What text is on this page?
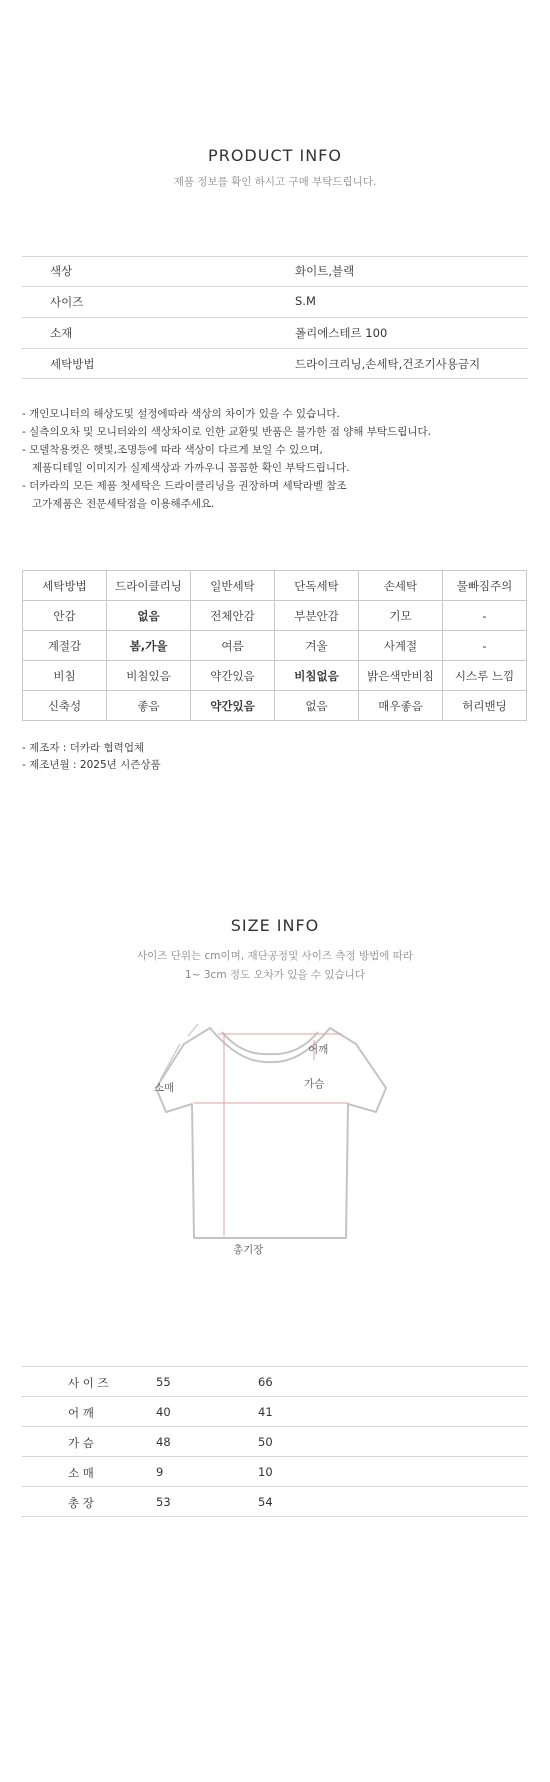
PRODUCT INFO
제품 정보를 확인 하시고 구매 부탁드립니다.
색상	화이트,블랙
사이즈	S.M
소재	폴리에스테르 100
세탁방법	드라이크리닝,손세탁,건조기사용금지
- 개인모니터의 해상도및 설정에따라 색상의 차이가 있을 수 있습니다.
- 실측의오차 및 모니터와의 색상차이로 인한 교환및 반품은 불가한 점 양해 부탁드립니다.
- 모델착용컷은 햇빛,조명등에 따라 색상이 다르게 보일 수 있으며,
제품디테일 이미지가 실제색상과 가까우니 꼼꼼한 확인 부탁드립니다.
- 더카라의 모든 제품 첫세탁은 드라이클리닝을 권장하며 세탁라벨 참조
고가제품은 전문세탁점을 이용해주세요.
세탁방법	드라이클리닝	일반세탁	단독세탁	손세탁	물빠짐주의
안감	없음	전체안감	부분안감	기모	-
계절감	봄,가을	여름	겨울	사계절	-
비침	비침있음	약간있음	비침없음	밝은색만비침	시스루 느낌
신축성	좋음	약간있음	없음	매우좋음	허리밴딩
- 제조자 : 더카라 협력업체
- 제조년월 : 2025년 시즌상품
SIZE INFO
사이즈 단위는 cm이며, 재단공정및 사이즈 측정 방법에 따라
1~ 3cm 정도 오차가 있을 수 있습니다
어깨
가슴
소매
총기장
사 이 즈	55	66
어 깨	40	41
가 슴	48	50
소 매	9	10
총 장	53	54
